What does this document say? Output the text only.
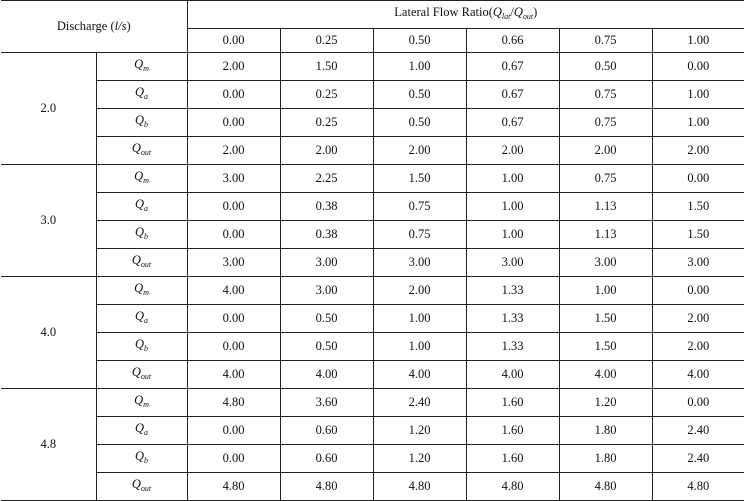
Discharge (l/s)		Lateral Flow $Ratio(Q_{lat}/Q_{out})$					
		0.00	0.25	0.50	0.66	0.75	1.00
2.0	$Q_m$	2.00	1.50	1.00	0.67	0.50	0.00
	$Q_a$	0.00	0.25	0.50	0.67	0.75	1.00
	$Q_b$	0.00	0.25	0.50	0.67	0.75	1.00
	$Q_{out}$	2.00	2.00	2.00	2.00	2.00	2.00
3.0	$Q_m$	3.00	2.25	1.50	1.00	0.75	0.00
	$Q_a$	0.00	0.38	0.75	1.00	1.13	1.50
	$Q_b$	0.00	0.38	0.75	1.00	1.13	1.50
	$Q_{out}$	3.00	3.00	3.00	3.00	3.00	3.00
4.0	$Q_m$	4.00	3.00	2.00	1.33	1.00	0.00
	$Q_a$	0.00	0.50	1.00	1.33	1.50	2.00
	$Q_b$	0.00	0.50	1.00	1.33	1.50	2.00
	$Q_{out}$	4.00	4.00	4.00	4.00	4.00	4.00
4.8	$Q_m$	4.80	3.60	2.40	1.60	1.20	0.00
	$Q_a$	0.00	0.60	1.20	1.60	1.80	2.40
	$Q_b$	0.00	0.60	1.20	1.60	1.80	2.40
	$Q_{out}$	4.80	4.80	4.80	4.80	4.80	4.80
